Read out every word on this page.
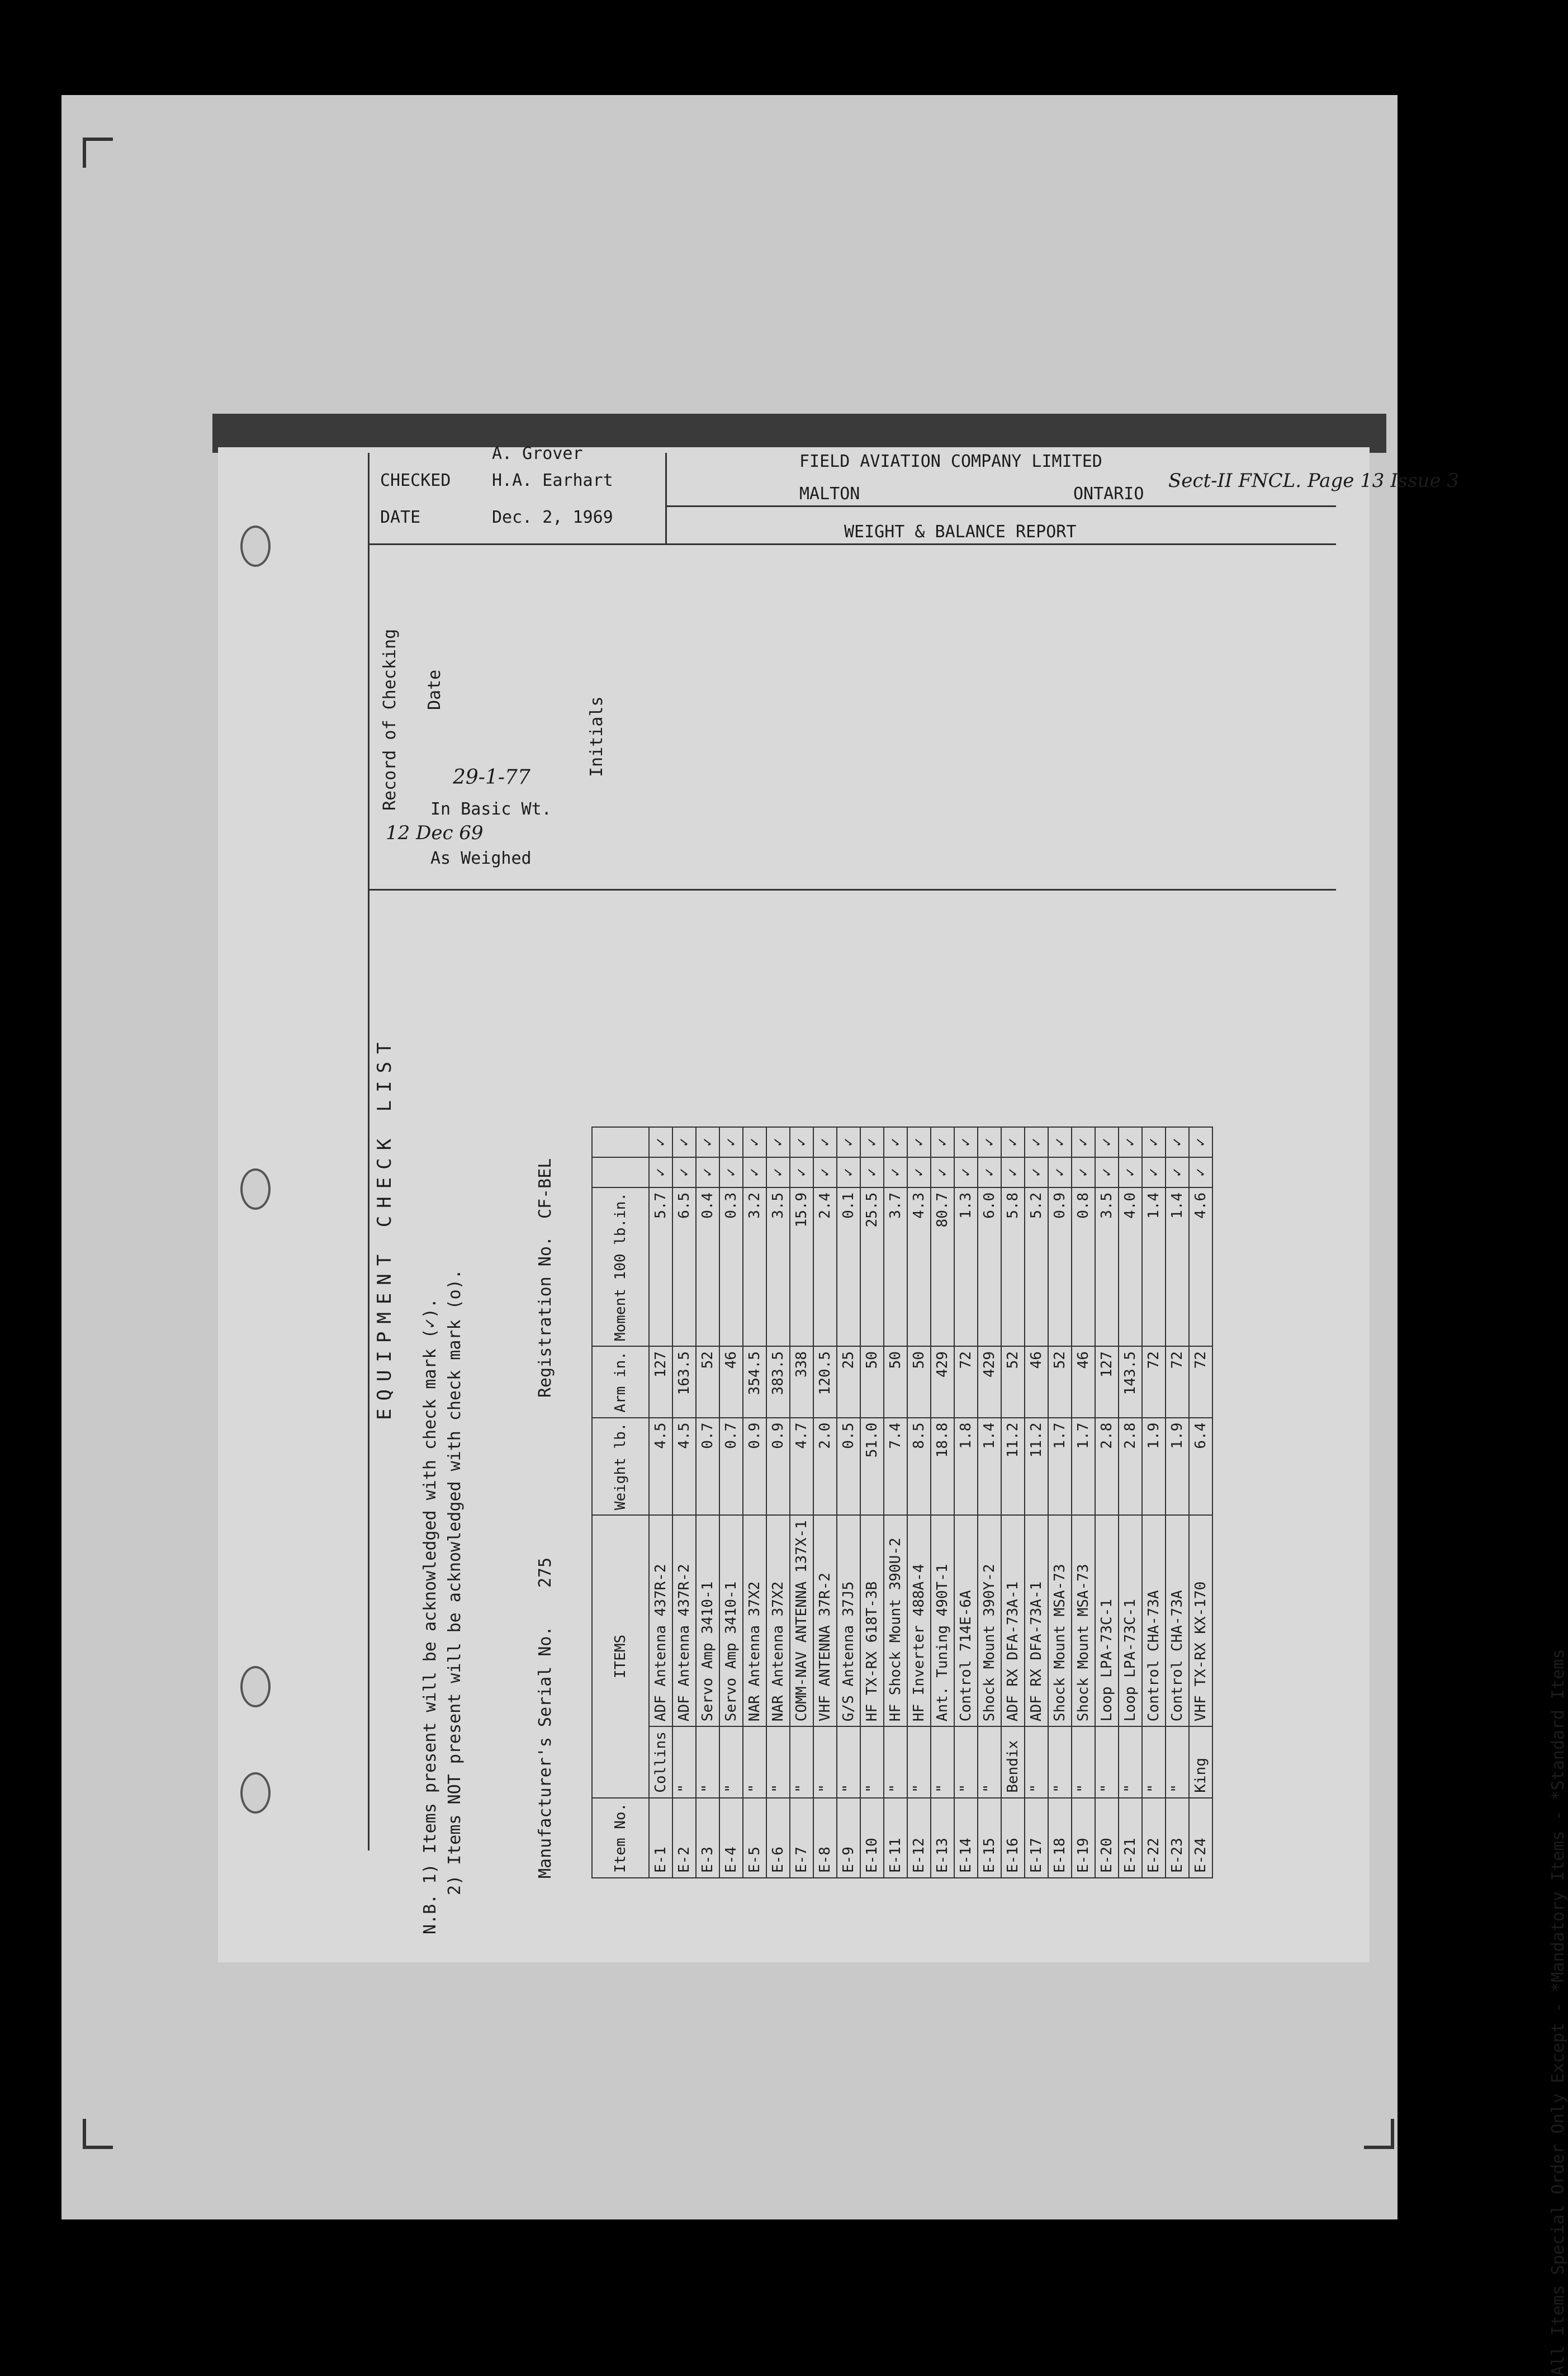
A. Grover
CHECKED H.A. Earhart
DATE	Dec. 2, 1969
FIELD AVIATION COMPANY LIMITED
MALTON	ONTARIO
WEIGHT & BALANCE REPORT
Sect-II FNCL. Page 13 Issue 3
Record of Checking Date
Initials
29-1-77
In Basic Wt.
12 Dec 69
As Weighed
EQUIPMENT CHECK LIST
N.B. 1) Items present will be acknowledged with check mark (✓). 2) Items NOT present will be acknowledged with check mark (o).	Manufacturer's Serial No.
275
Registration No.
CF-BEL
Item No.	ITEMS		Weight lb.	Arm in.	Moment 100 lb.in.		
E-1	Collins	ADF Antenna 437R-2	4.5	127	5.7	✓	✓
E-2	"	ADF Antenna 437R-2	4.5	163.5	6.5	✓	✓
E-3	"	Servo Amp 3410-1	0.7	52	0.4	✓	✓
E-4	"	Servo Amp 3410-1	0.7	46	0.3	✓	✓
E-5	"	NAR Antenna 37X2	0.9	354.5	3.2	✓	✓
E-6	"	NAR Antenna 37X2	0.9	383.5	3.5	✓	✓
E-7	"	COMM-NAV ANTENNA 137X-1	4.7	338	15.9	✓	✓
E-8	"	VHF ANTENNA 37R-2	2.0	120.5	2.4	✓	✓
E-9	"	G/S Antenna 37J5	0.5	25	0.1	✓	✓
E-10	"	HF TX-RX 618T-3B	51.0	50	25.5	✓	✓
E-11	"	HF Shock Mount 390U-2	7.4	50	3.7	✓	✓
E-12	"	HF Inverter 488A-4	8.5	50	4.3	✓	✓
E-13	"	Ant. Tuning 490T-1	18.8	429	80.7	✓	✓
E-14	"	Control 714E-6A	1.8	72	1.3	✓	✓
E-15	"	Shock Mount 390Y-2	1.4	429	6.0	✓	✓
E-16	Bendix	ADF RX DFA-73A-1	11.2	52	5.8	✓	✓
E-17	"	ADF RX DFA-73A-1	11.2	46	5.2	✓	✓
E-18	"	Shock Mount MSA-73	1.7	52	0.9	✓	✓
E-19	"	Shock Mount MSA-73	1.7	46	0.8	✓	✓
E-20	"	Loop LPA-73C-1	2.8	127	3.5	✓	✓
E-21	"	Loop LPA-73C-1	2.8	143.5	4.0	✓	✓
E-22	"	Control CHA-73A	1.9	72	1.4	✓	✓
E-23	"	Control CHA-73A	1.9	72	1.4	✓	✓
E-24	King	VHF TX-RX KX-170	6.4	72	4.6	✓	✓
All Items Special Order Only Except - *Mandatory Items - *Standard Items
